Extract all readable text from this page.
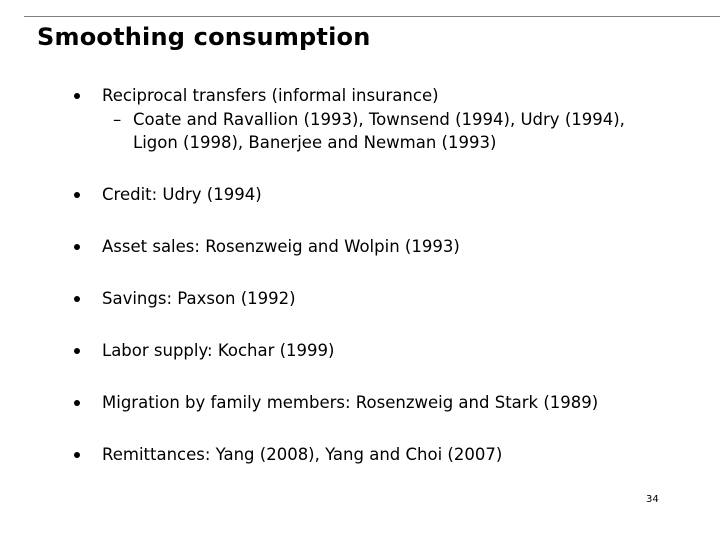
Smoothing consumption
Reciprocal transfers (informal insurance)
– Coate and Ravallion (1993), Townsend (1994), Udry (1994), Ligon (1998), Banerjee and Newman (1993)
Credit: Udry (1994)
Asset sales: Rosenzweig and Wolpin (1993)
Savings: Paxson (1992)
Labor supply: Kochar (1999)
Migration by family members: Rosenzweig and Stark (1989)
Remittances: Yang (2008), Yang and Choi (2007)
34
